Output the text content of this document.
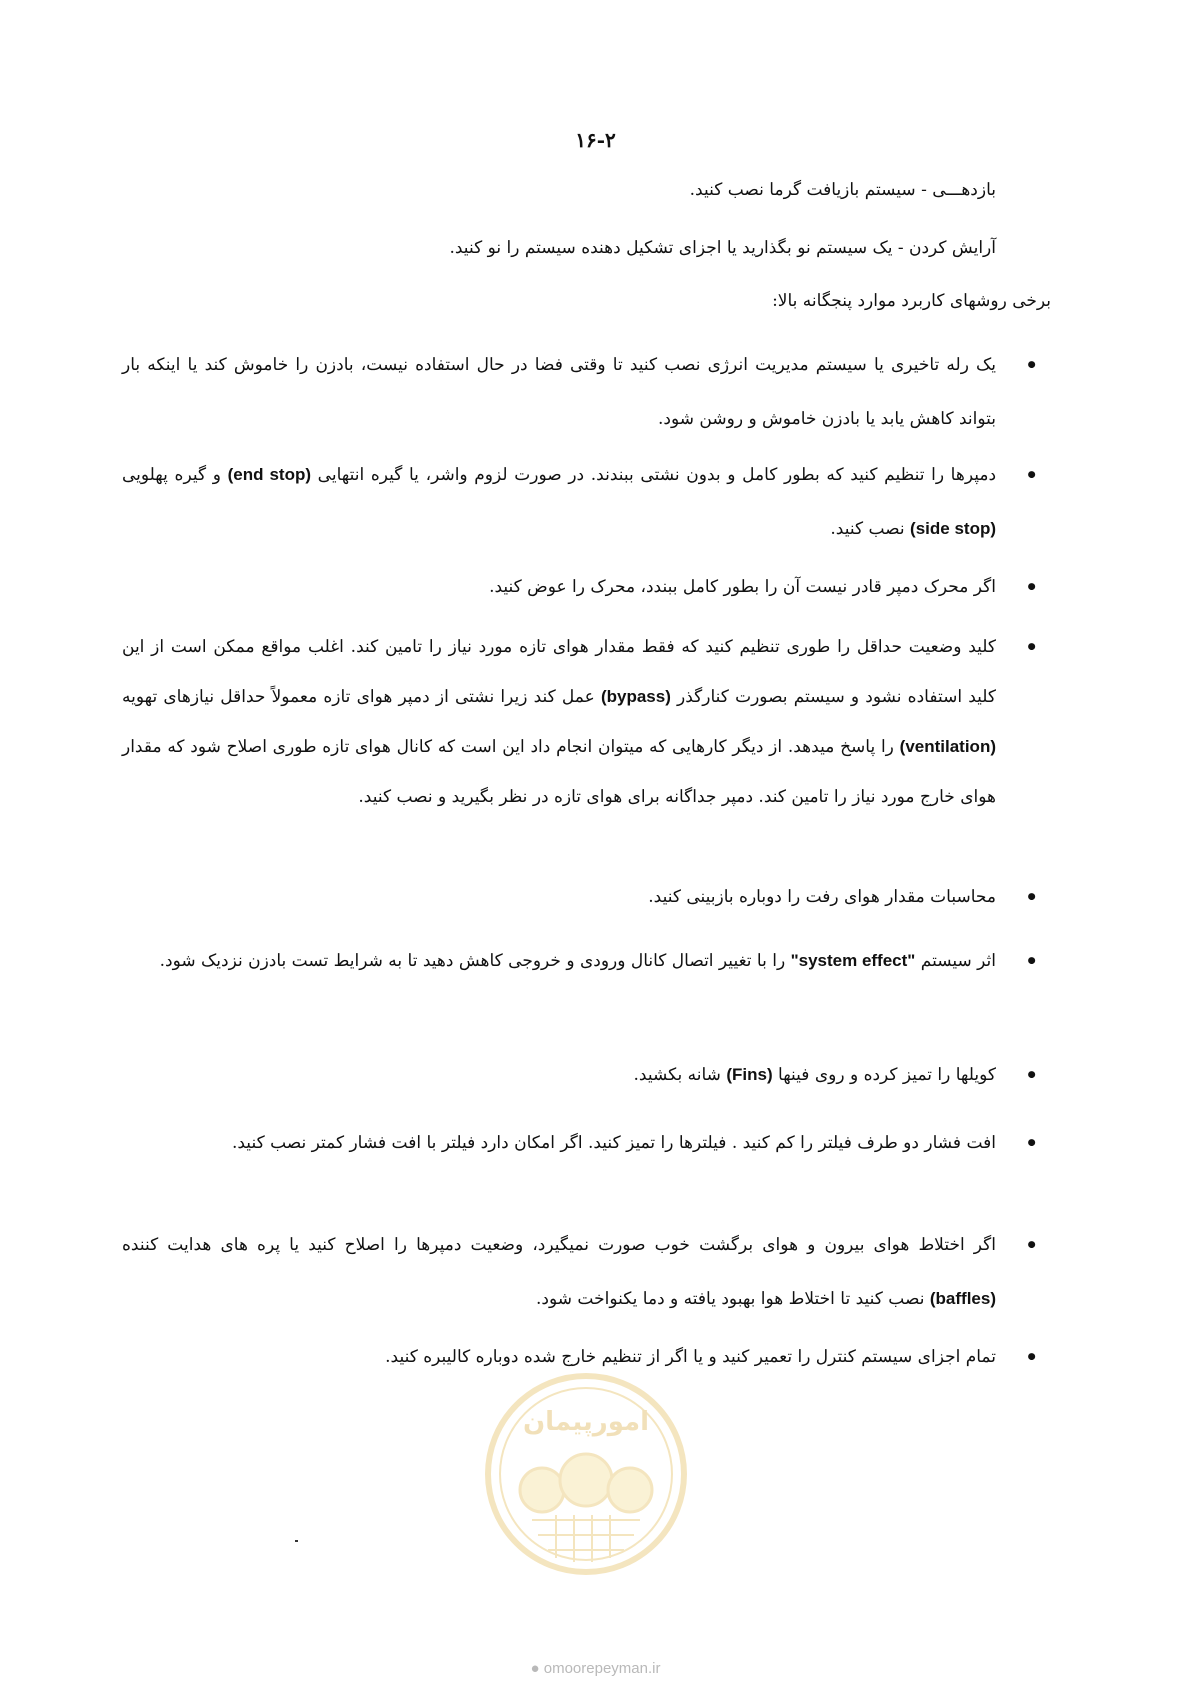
۱۶-۲
بازدهـــی - سیستم بازیافت گرما نصب کنید.
آرایش کردن - یک سیستم نو بگذارید یا اجزای تشکیل دهنده سیستم را نو کنید.
برخی روشهای کاربرد موارد پنجگانه بالا:
•
یک رله تاخیری یا سیستم مدیریت انرژی نصب کنید تا وقتی فضا در حال استفاده نیست، بادزن را خاموش کند یا اینکه بار بتواند کاهش یابد یا بادزن خاموش و روشن شود.
•
دمپرها را تنظیم کنید که بطور کامل و بدون نشتی ببندند. در صورت لزوم واشر، یا گیره انتهایی (end stop) و گیره پهلویی (side stop) نصب کنید.
•
اگر محرک دمپر قادر نیست آن را بطور کامل ببندد، محرک را عوض کنید.
•
کلید وضعیت حداقل را طوری تنظیم کنید که فقط مقدار هوای تازه مورد نیاز را تامین کند. اغلب مواقع ممکن است از این کلید استفاده نشود و سیستم بصورت کنارگذر (bypass) عمل کند زیرا نشتی از دمپر هوای تازه معمولاً حداقل نیازهای تهویه (ventilation) را پاسخ میدهد. از دیگر کارهایی که میتوان انجام داد این است که کانال هوای تازه طوری اصلاح شود که مقدار هوای خارج مورد نیاز را تامین کند. دمپر جداگانه برای هوای تازه در نظر بگیرید و نصب کنید.
•
محاسبات مقدار هوای رفت را دوباره بازبینی کنید.
•
اثر سیستم "system effect" را با تغییر اتصال کانال ورودی و خروجی کاهش دهید تا به شرایط تست بادزن نزدیک شود.
•
کویلها را تمیز کرده و روی فینها (Fins) شانه بکشید.
•
افت فشار دو طرف فیلتر را کم کنید . فیلترها را تمیز کنید. اگر امکان دارد فیلتر با افت فشار کمتر نصب کنید.
•
اگر اختلاط هوای بیرون و هوای برگشت خوب صورت نمیگیرد، وضعیت دمپرها را اصلاح کنید یا پره های هدایت کننده (baffles) نصب کنید تا اختلاط هوا بهبود یافته و دما یکنواخت شود.
•
تمام اجزای سیستم کنترل را تعمیر کنید و یا اگر از تنظیم خارج شده دوباره کالیبره کنید.
امورپیمان
● omoorepeyman.ir
